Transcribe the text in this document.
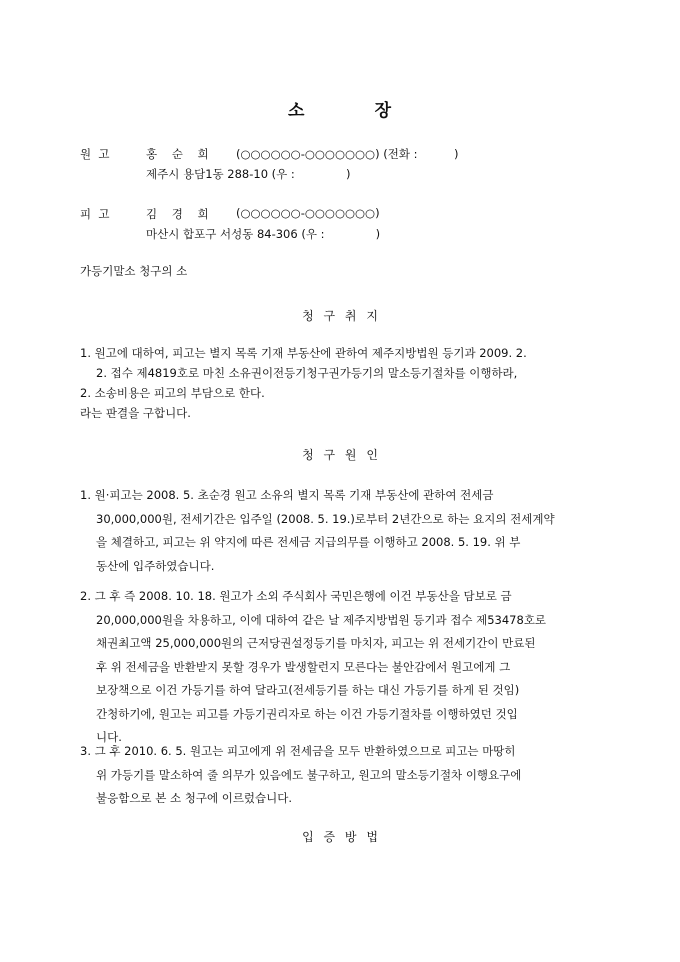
소          장
원  고	홍    순    희 (○○○○○○-○○○○○○○) (전화 :          )
제주시 용담1동 288-10 (우 :              )
피  고	김    경    희 (○○○○○○-○○○○○○○)
마산시 합포구 서성동 84-306 (우 :              )
가등기말소 청구의 소
청 구 취 지
1. 원고에 대하여, 피고는 별지 목록 기재 부동산에 관하여 제주지방법원 등기과 2009. 2.
2. 접수 제4819호로 마친 소유권이전등기청구권가등기의 말소등기절차를 이행하라,
2. 소송비용은 피고의 부담으로 한다.
라는 판결을 구합니다.
청 구 원 인
1. 원·피고는 2008. 5. 초순경 원고 소유의 별지 목록 기재 부동산에 관하여 전세금
30,000,000원, 전세기간은 입주일 (2008. 5. 19.)로부터 2년간으로 하는 요지의 전세계약
을 체결하고, 피고는 위 약지에 따른 전세금 지급의무를 이행하고 2008. 5. 19. 위 부
동산에 입주하였습니다.
2. 그 후 즉 2008. 10. 18. 원고가 소외 주식회사 국민은행에 이건 부동산을 담보로 금
20,000,000원을 차용하고, 이에 대하여 같은 날 제주지방법원 등기과 접수 제53478호로
채권최고액 25,000,000원의 근저당권설정등기를 마치자, 피고는 위 전세기간이 만료된
후 위 전세금을 반환받지 못할 경우가 발생할런지 모른다는 불안감에서 원고에게 그
보장책으로 이건 가등기를 하여 달라고(전세등기를 하는 대신 가등기를 하게 된 것임)
간청하기에, 원고는 피고를 가등기권리자로 하는 이건 가등기절차를 이행하였던 것입
니다.
3. 그 후 2010. 6. 5. 원고는 피고에게 위 전세금을 모두 반환하였으므로 피고는 마땅히
위 가등기를 말소하여 줄 의무가 있음에도 불구하고, 원고의 말소등기절차 이행요구에
불응함으로 본 소 청구에 이르렀습니다.
입 증 방 법
